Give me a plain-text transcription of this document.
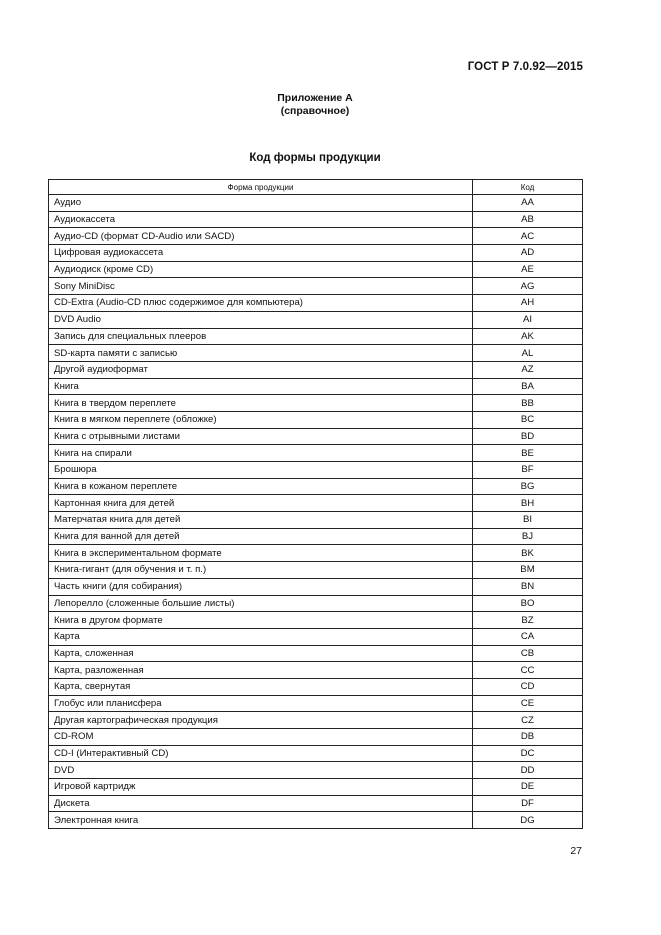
ГОСТ Р 7.0.92—2015
Приложение А
(справочное)
Код формы продукции
Форма продукции	Код
Аудио	AA
Аудиокассета	AB
Аудио-CD (формат CD-Audio или SACD)	AC
Цифровая аудиокассета	AD
Аудиодиск (кроме CD)	AE
Sony MiniDisc	AG
CD-Extra (Audio-CD плюс содержимое для компьютера)	AH
DVD Audio	AI
Запись для специальных плееров	AK
SD-карта памяти с записью	AL
Другой аудиоформат	AZ
Книга	BA
Книга в твердом переплете	BB
Книга в мягком переплете (обложке)	BC
Книга с отрывными листами	BD
Книга на спирали	BE
Брошюра	BF
Книга в кожаном переплете	BG
Картонная книга для детей	BH
Матерчатая книга для детей	BI
Книга для ванной для детей	BJ
Книга в экспериментальном формате	BK
Книга-гигант (для обучения и т. п.)	BM
Часть книги (для собирания)	BN
Лепорелло (сложенные большие листы)	BO
Книга в другом формате	BZ
Карта	CA
Карта, сложенная	CB
Карта, разложенная	CC
Карта, свернутая	CD
Глобус или планисфера	CE
Другая картографическая продукция	CZ
CD-ROM	DB
CD-I (Интерактивный CD)	DC
DVD	DD
Игровой картридж	DE
Дискета	DF
Электронная книга	DG
27
